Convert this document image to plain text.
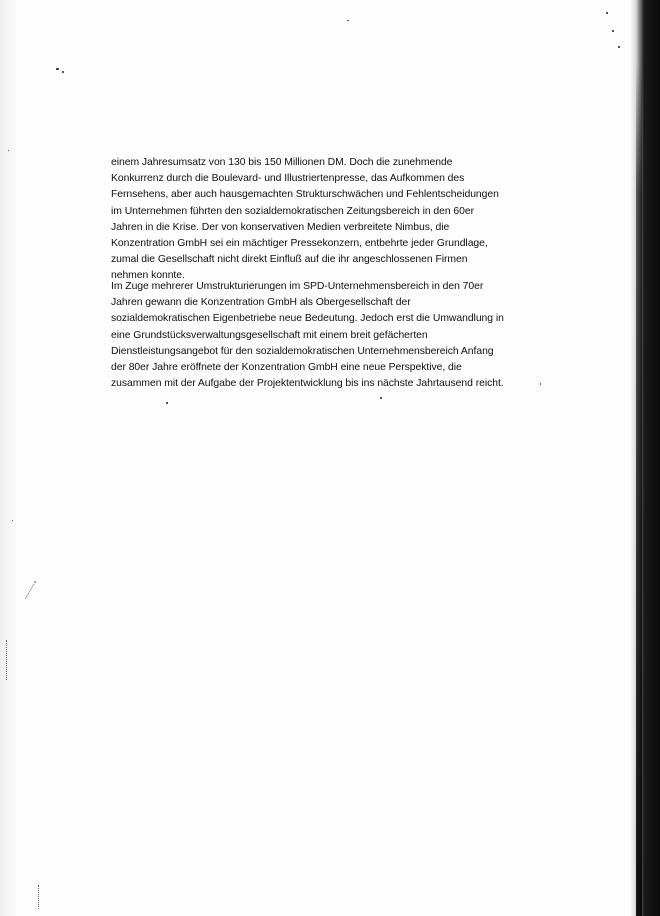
einem Jahresumsatz von 130 bis 150 Millionen DM. Doch die zunehmende
Konkurrenz durch die Boulevard- und Illustriertenpresse, das Aufkommen des
Fernsehens, aber auch hausgemachten Strukturschwächen und Fehlentscheidungen
im Unternehmen führten den sozialdemokratischen Zeitungsbereich in den 60er
Jahren in die Krise. Der von konservativen Medien verbreitete Nimbus, die
Konzentration GmbH sei ein mächtiger Pressekonzern, entbehrte jeder Grundlage,
zumal die Gesellschaft nicht direkt Einfluß auf die ihr angeschlossenen Firmen
nehmen konnte.
Im Zuge mehrerer Umstrukturierungen im SPD-Unternehmensbereich in den 70er
Jahren gewann die Konzentration GmbH als Obergesellschaft der
sozialdemokratischen Eigenbetriebe neue Bedeutung. Jedoch erst die Umwandlung in
eine Grundstücksverwaltungsgesellschaft mit einem breit gefächerten
Dienstleistungsangebot für den sozialdemokratischen Unternehmensbereich Anfang
der 80er Jahre eröffnete der Konzentration GmbH eine neue Perspektive, die
zusammen mit der Aufgabe der Projektentwicklung bis ins nächste Jahrtausend reicht.
